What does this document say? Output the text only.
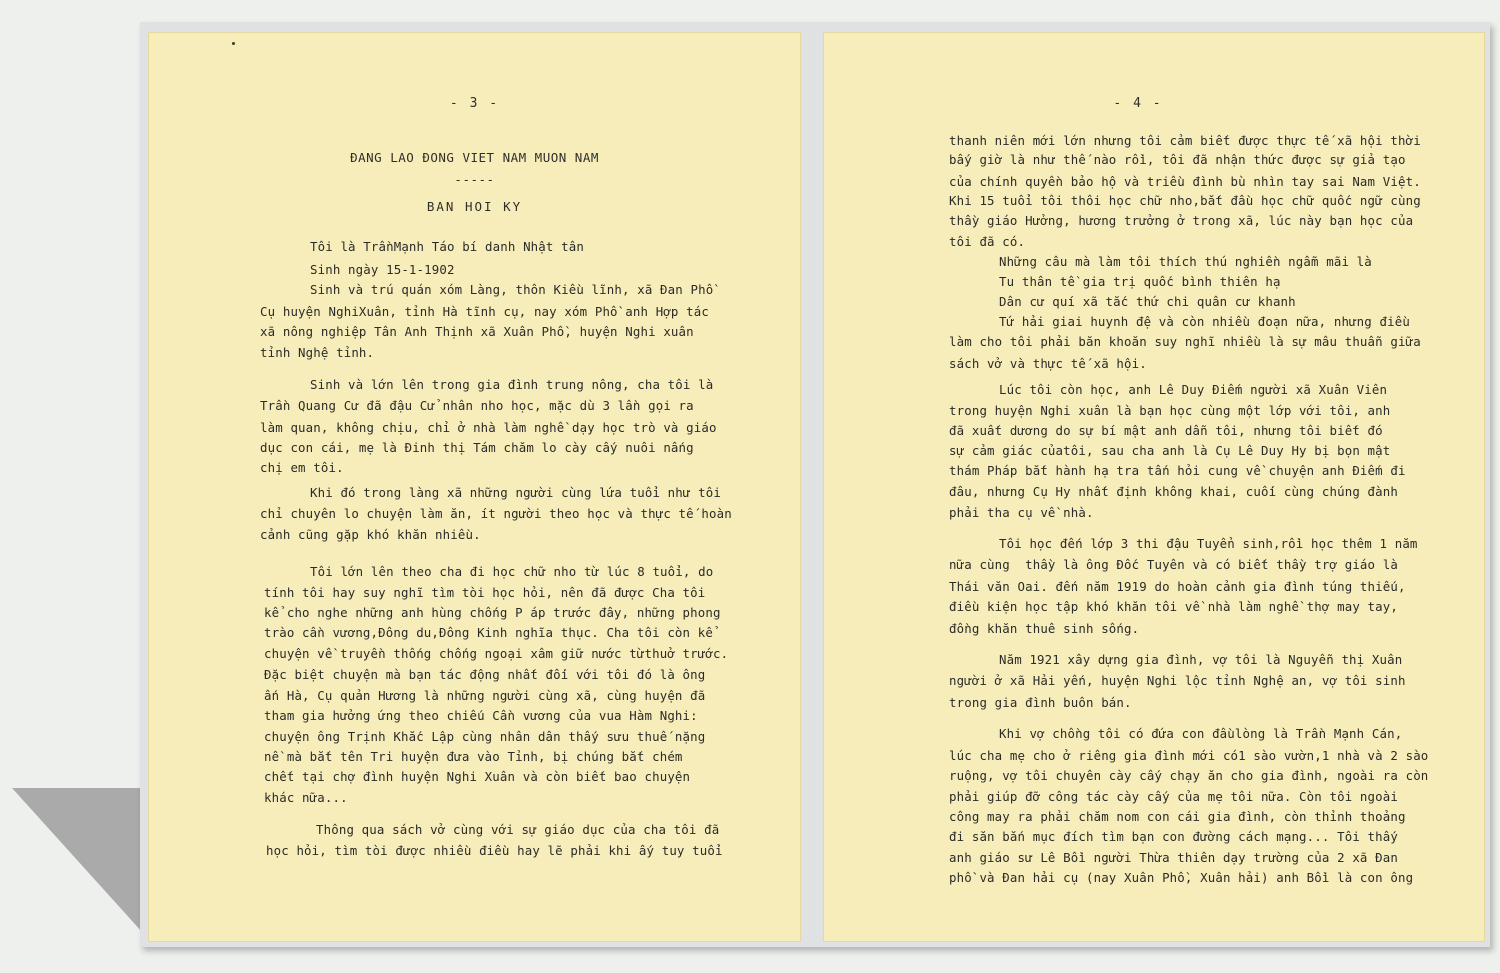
- 3 -
ĐANG LAO ĐONG VIET NAM MUON NAM
-----
BAN HOI KY
Tôi là TrầnMạnh Táo bí danh Nhật tân
Sinh ngày 15-1-1902
Sinh và trú quán xóm Làng, thôn Kiều lĩnh, xã Đan Phồ
Cụ huyện NghiXuân, tỉnh Hà tĩnh cụ, nay xóm Phồ anh Hợp tác
xã nông nghiệp Tân Anh Thịnh xã Xuân Phồ, huyện Nghi xuân
tỉnh Nghệ tỉnh.
Sinh và lớn lên trong gia đình trung nông, cha tôi là
Trần Quang Cư đã đậu Cử nhân nho học, mặc dù 3 lần gọi ra
làm quan, không chịu, chỉ ở nhà làm nghề dạy học trò và giáo
dục con cái, mẹ là Đinh thị Tám chăm lo cày cấy nuôi nấng
chị em tôi.
Khi đó trong làng xã những người cùng lứa tuổi như tôi
chỉ chuyên lo chuyện làm ăn, ít người theo học và thực tế hoàn
cảnh cũng gặp khó khăn nhiều.
Tôi lớn lên theo cha đi học chữ nho từ lúc 8 tuổi, do
tính tôi hay suy nghĩ tìm tòi học hỏi, nên đã được Cha tôi
kể cho nghe những anh hùng chống P áp trước đây, những phong
trào cần vương,Đông du,Đông Kinh nghĩa thục. Cha tôi còn kể
chuyện về truyền thống chống ngoại xâm giữ nước từthuở trước.
Đặc biệt chuyện mà bạn tác động nhất đối với tôi đó là ông
ấn Hà, Cụ quản Hương là những người cùng xã, cùng huyện đã
tham gia hưởng ứng theo chiếu Cần vương của vua Hàm Nghi:
chuyện ông Trịnh Khắc Lập cùng nhân dân thấy sưu thuế nặng
nề mà bắt tên Tri huyện đưa vào Tỉnh, bị chúng bắt chém
chết tại chợ đình huyện Nghi Xuân và còn biết bao chuyện
khác nữa...
Thông qua sách vở cùng với sự giáo dục của cha tôi đã
học hỏi, tìm tòi được nhiều điều hay lẽ phải khi ấy tuy tuổi
- 4 -
thanh niên mới lớn nhưng tôi cảm biết được thực tế xã hội thời
bấy giờ là như thế nào rồi, tôi đã nhận thức được sự giả tạo
của chính quyền bảo hộ và triều đình bù nhìn tay sai Nam Việt.
Khi 15 tuổi tôi thôi học chữ nho,bắt đầu học chữ quốc ngữ cùng
thầy giáo Hưởng, hương trưởng ở trong xã, lúc này bạn học của
tôi đã có.
Những câu mà làm tôi thích thú nghiền ngẫm mãi là
Tu thân tề gia trị quốc bình thiên hạ
Dân cư quí xã tắc thứ chi quân cư khanh
Tứ hải giai huynh đệ và còn nhiều đoạn nữa, nhưng điều
làm cho tôi phải băn khoăn suy nghĩ nhiều là sự mâu thuẫn giữa
sách vở và thực tế xã hội.
Lúc tôi còn học, anh Lê Duy Điếm người xã Xuân Viên
trong huyện Nghi xuân là bạn học cùng một lớp với tôi, anh
đã xuất dương do sự bí mật anh dẫn tôi, nhưng tôi biết đó
sự cảm giác củatôi, sau cha anh là Cụ Lê Duy Hy bị bọn mật
thám Pháp bắt hành hạ tra tấn hỏi cung về chuyện anh Điếm đi
đâu, nhưng Cụ Hy nhất định không khai, cuối cùng chúng đành
phải tha cụ về nhà.
Tôi học đến lớp 3 thi đậu Tuyển sinh,rồi học thêm 1 năm
nữa cùng  thầy là ông Đốc Tuyên và có biết thầy trợ giáo là
Thái văn Oai. đến năm 1919 do hoàn cảnh gia đình túng thiếu,
điều kiện học tập khó khăn tôi về nhà làm nghề thợ may tay,
đồng khăn thuê sinh sống.
Năm 1921 xây dựng gia đình, vợ tôi là Nguyễn thị Xuân
người ở xã Hải yến, huyện Nghi lộc tỉnh Nghệ an, vợ tôi sinh
trong gia đình buôn bán.
Khi vợ chồng tôi có đứa con đầulòng là Trần Mạnh Cán,
lúc cha mẹ cho ở riêng gia đình mới có1 sào vườn,1 nhà và 2 sào
ruộng, vợ tôi chuyên cày cấy chạy ăn cho gia đình, ngoài ra còn
phải giúp đỡ công tác cày cấy của mẹ tôi nữa. Còn tôi ngoài
công may ra phải chăm nom con cái gia đình, còn thỉnh thoảng
đi săn bắn mục đích tìm bạn con đường cách mạng... Tôi thấy
anh giáo sư Lê Bồi người Thừa thiên dạy trường của 2 xã Đan
phồ và Đan hải cụ (nay Xuân Phồ, Xuân hải) anh Bồi là con ông
